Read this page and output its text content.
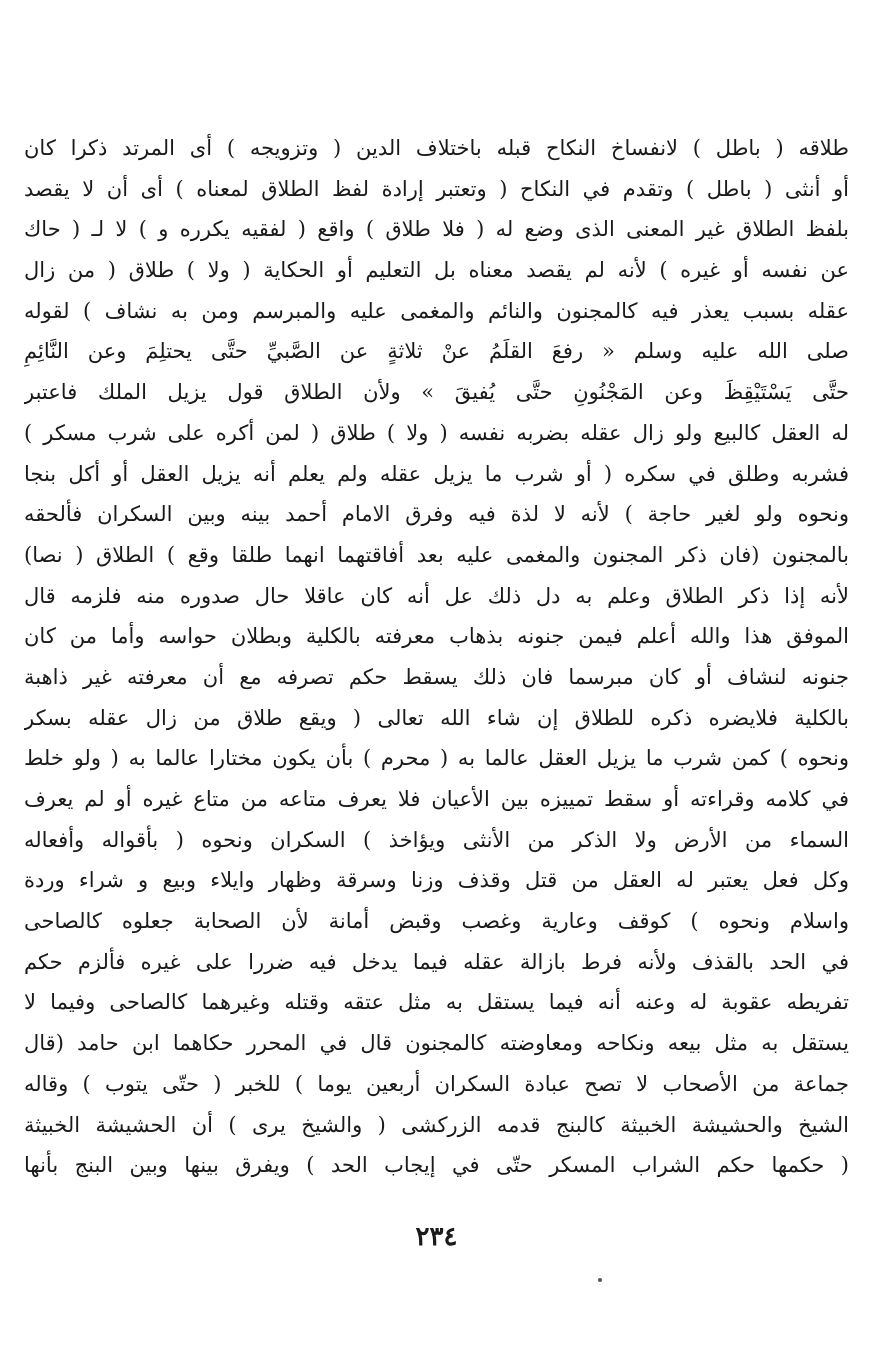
طلاقه ( باطل ) لانفساخ النكاح قبله باختلاف الدين ( وتزويجه ) أى المرتد ذكرا كان
أو أنثى ( باطل ) وتقدم في النكاح ( وتعتبر إرادة لفظ الطلاق لمعناه ) أى أن لا يقصد
بلفظ الطلاق غير المعنى الذى وضع له ( فلا طلاق ) واقع ( لفقيه يكرره و ) لا لـ ( حاك
عن نفسه أو غيره ) لأنه لم يقصد معناه بل التعليم أو الحكاية ( ولا ) طلاق ( من زال
عقله بسبب يعذر فيه كالمجنون والنائم والمغمى عليه والمبرسم ومن به نشاف ) لقوله
صلى الله عليه وسلم « رفعَ القلَمُ عنْ ثلاثةٍ عن الصَّبيِّ حتَّى يحتلِمَ وعن النَّائِمِ
حتَّى يَسْتَيْقِظَ وعن المَجْنُونِ حتَّى يُفيقَ » ولأن الطلاق قول يزيل الملك فاعتبر
له العقل كالبيع ولو زال عقله بضربه نفسه ( ولا ) طلاق ( لمن أكره على شرب مسكر )
فشربه وطلق في سكره ( أو شرب ما يزيل عقله ولم يعلم أنه يزيل العقل أو أكل بنجا
ونحوه ولو لغير حاجة ) لأنه لا لذة فيه وفرق الامام أحمد بينه وبين السكران فألحقه
بالمجنون (فان ذكر المجنون والمغمى عليه بعد أفاقتهما انهما طلقا وقع ) الطلاق ( نصا)
لأنه إذا ذكر الطلاق وعلم به دل ذلك عل أنه كان عاقلا حال صدوره منه فلزمه قال
الموفق هذا والله أعلم فيمن جنونه بذهاب معرفته بالكلية وبطلان حواسه وأما من كان
جنونه لنشاف أو كان مبرسما فان ذلك يسقط حكم تصرفه مع أن معرفته غير ذاهبة
بالكلية فلايضره ذكره للطلاق إن شاء الله تعالى ( ويقع طلاق من زال عقله بسكر
ونحوه ) كمن شرب ما يزيل العقل عالما به ( محرم ) بأن يكون مختارا عالما به ( ولو خلط
في كلامه وقراءته أو سقط تمييزه بين الأعيان فلا يعرف متاعه من متاع غيره أو لم يعرف
السماء من الأرض ولا الذكر من الأنثى ويؤاخذ ) السكران ونحوه ( بأقواله وأفعاله
وكل فعل يعتبر له العقل من قتل وقذف وزنا وسرقة وظهار وايلاء وبيع و شراء وردة
واسلام ونحوه ) كوقف وعارية وغصب وقبض أمانة لأن الصحابة جعلوه كالصاحى
في الحد بالقذف ولأنه فرط بازالة عقله فيما يدخل فيه ضررا على غيره فألزم حكم
تفريطه عقوبة له وعنه أنه فيما يستقل به مثل عتقه وقتله وغيرهما كالصاحى وفيما لا
يستقل به مثل بيعه ونكاحه ومعاوضته كالمجنون قال في المحرر حكاهما ابن حامد (قال
جماعة من الأصحاب لا تصح عبادة السكران أربعين يوما ) للخبر ( حتّى يتوب ) وقاله
الشيخ والحشيشة الخبيثة كالبنج قدمه الزركشى ( والشيخ يرى ) أن الحشيشة الخبيثة
( حكمها حكم الشراب المسكر حتّى في إيجاب الحد ) ويفرق بينها وبين البنج بأنها
٢٣٤
